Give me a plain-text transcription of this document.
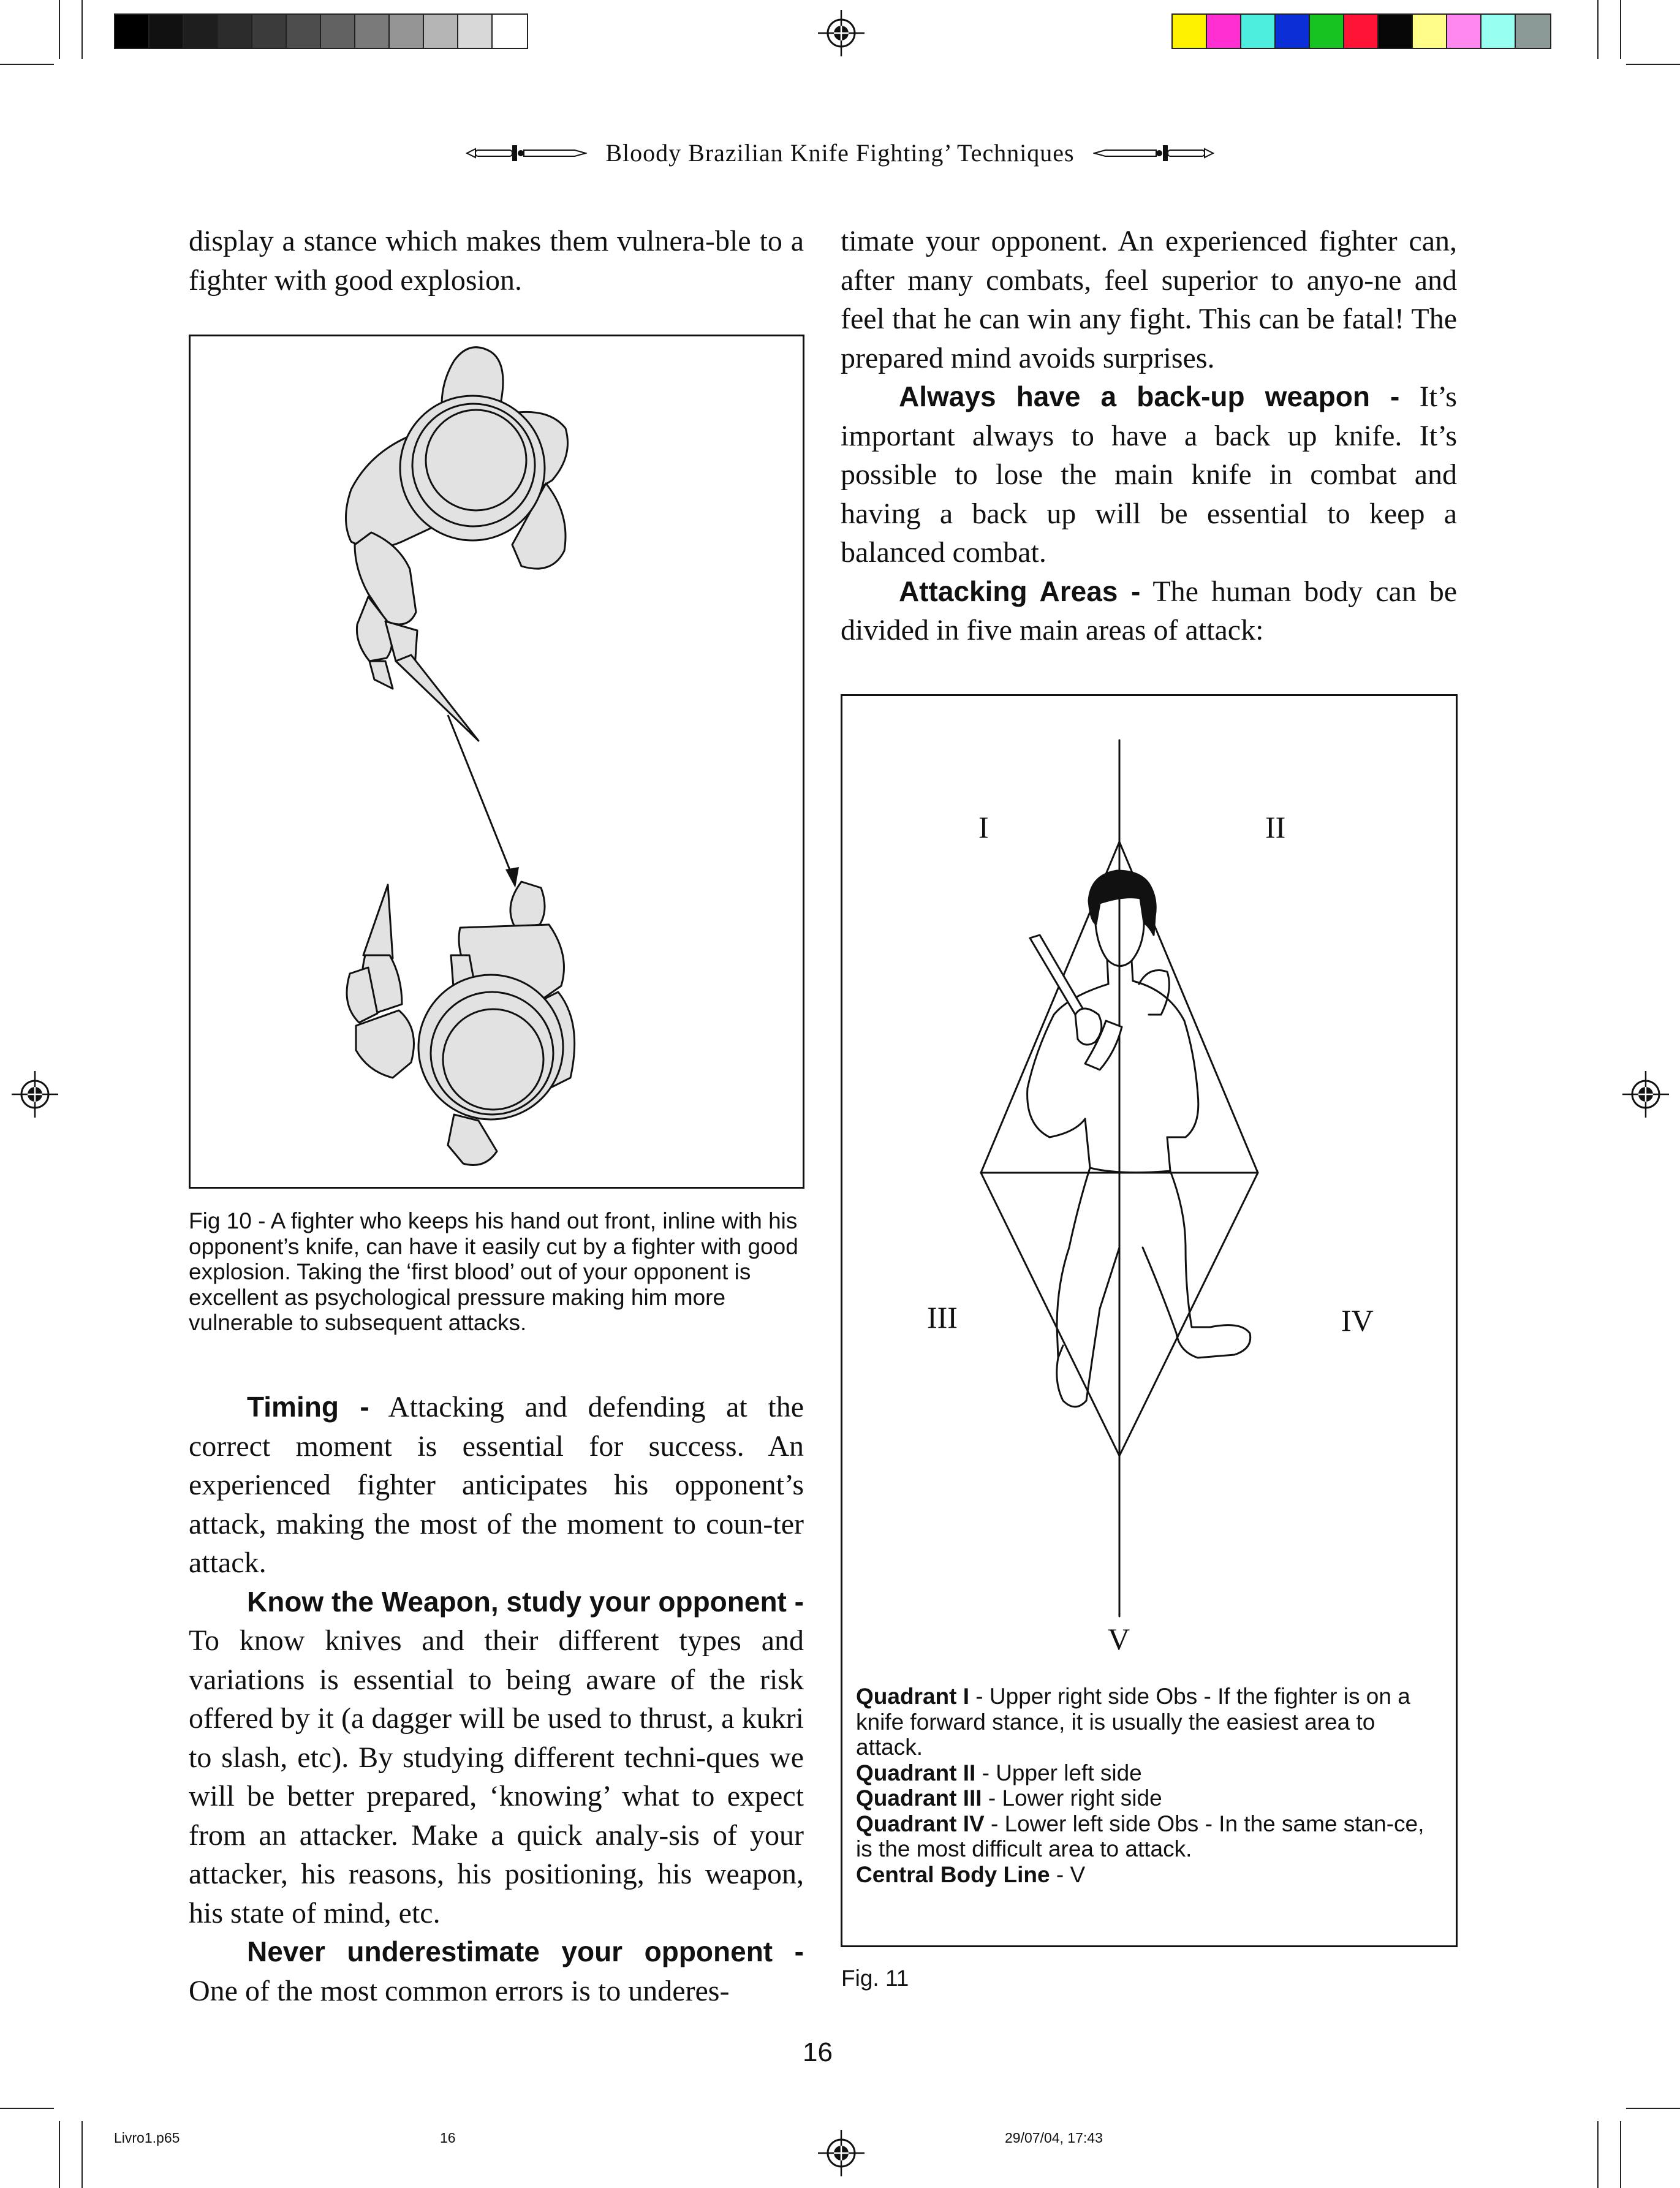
Bloody Brazilian Knife Fighting’ Techniques

display a stance which makes them vulnera-ble to a fighter with good explosion.

Fig 10 - A fighter who keeps his hand out front, inline with his opponent’s knife, can have it easily cut by a fighter with good explosion. Taking the ‘first blood’ out of your opponent is excellent as psychological pressure making him more vulnerable to subsequent attacks.

Timing - Attacking and defending at the correct moment is essential for success. An experienced fighter anticipates his opponent’s attack, making the most of the moment to coun-ter attack.

Know the Weapon, study your opponent - To know knives and their different types and variations is essential to being aware of the risk offered by it (a dagger will be used to thrust, a kukri to slash, etc). By studying different techni-ques we will be better prepared, ‘knowing’ what to expect from an attacker. Make a quick analy-sis of your attacker, his reasons, his positioning, his weapon, his state of mind, etc.

Never underestimate your opponent - One of the most common errors is to underes-

timate your opponent. An experienced fighter can, after many combats, feel superior to anyo-ne and feel that he can win any fight. This can be fatal! The prepared mind avoids surprises.

Always have a back-up weapon - It’s important always to have a back up knife. It’s possible to lose the main knife in combat and having a back up will be essential to keep a balanced combat.

Attacking Areas - The human body can be divided in five main areas of attack:

I	II
III	IV
V
Quadrant I - Upper right side Obs - If the fighter is on a knife forward stance, it is usually the easiest area to attack.
Quadrant II - Upper left side
Quadrant III - Lower right side
Quadrant IV - Lower left side Obs - In the same stan-ce, is the most difficult area to attack.
Central Body Line - V
Fig. 11
16
Livro1.p65	16	29/07/04, 17:43
